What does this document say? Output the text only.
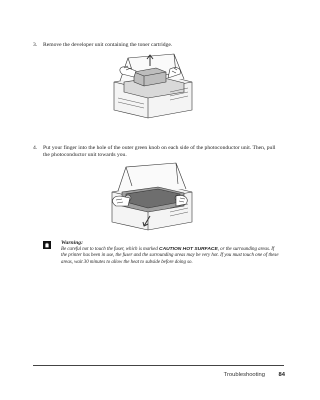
3. Remove the developer unit containing the toner cartridge.
4. Put your finger into the hole of the outer green knob on each side of the photoconductor unit. Then, pull the photoconductor unit towards you.
Warning:
Be careful not to touch the fuser, which is marked CAUTION HOT SURFACE, or the surrounding areas. If the printer has been in use, the fuser and the surrounding areas may be very hot. If you must touch one of these areas, wait 30 minutes to allow the heat to subside before doing so.
Troubleshooting	84
